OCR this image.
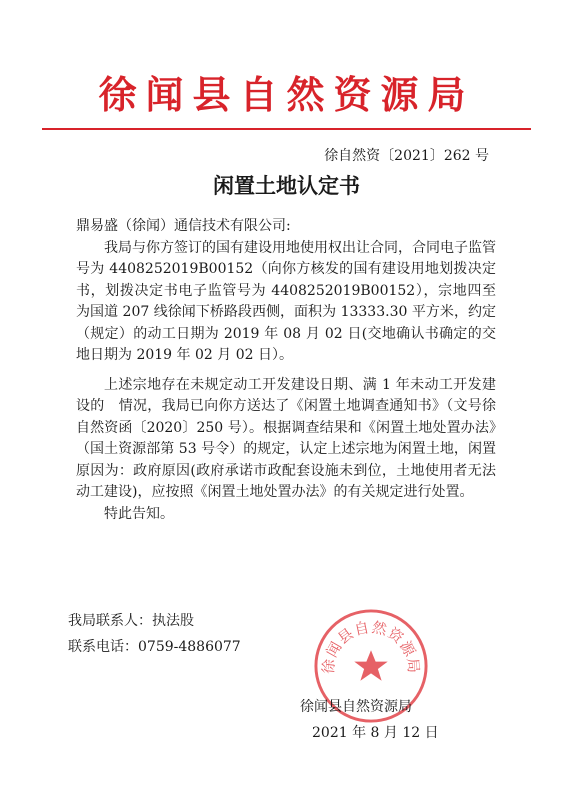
徐闻县自然资源局
徐自然资〔2021〕262 号
闲置土地认定书

鼎易盛（徐闻）通信技术有限公司:

我局与你方签订的国有建设用地使用权出让合同，合同电子监管号为 4408252019B00152（向你方核发的国有建设用地划拨决定书，划拨决定书电子监管号为 4408252019B00152），宗地四至为国道 207 线徐闻下桥路段西侧，面积为 13333.30 平方米，约定（规定）的动工日期为 2019 年 08 月 02 日(交地确认书确定的交地日期为 2019 年 02 月 02 日）。

上述宗地存在未规定动工开发建设日期、满 1 年未动工开发建设的　情况，我局已向你方送达了《闲置土地调查通知书》（文号徐自然资函〔2020〕250 号）。根据调查结果和《闲置土地处置办法》（国土资源部第 53 号令）的规定，认定上述宗地为闲置土地，闲置原因为：政府原因(政府承诺市政配套设施未到位，土地使用者无法动工建设)，应按照《闲置土地处置办法》的有关规定进行处置。

特此告知。

我局联系人：执法股
联系电话：0759-4886077
徐闻县自然资源局
徐闻县自然资源局
2021 年 8 月 12 日
